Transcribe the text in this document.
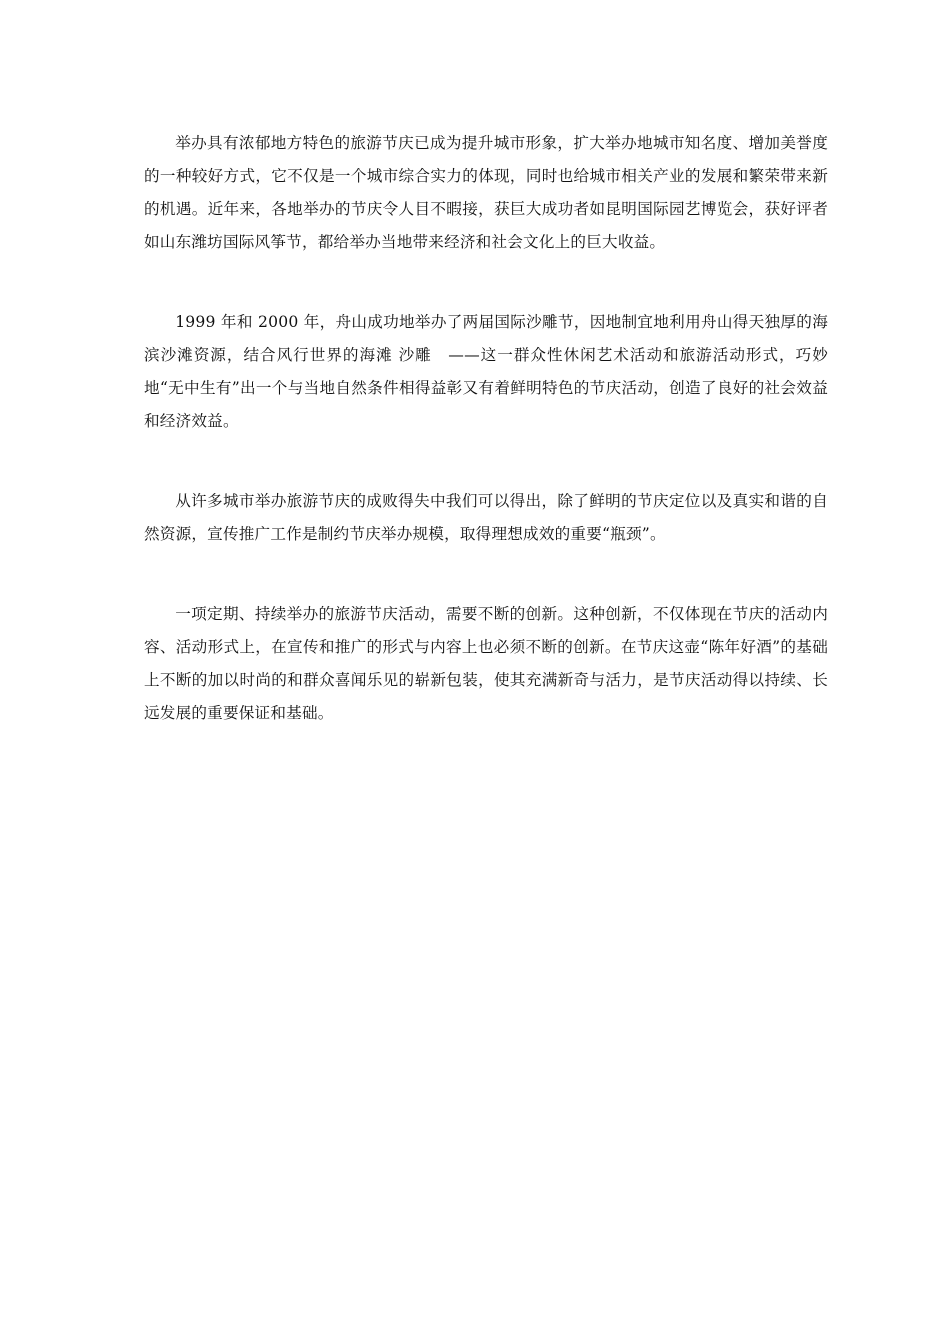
举办具有浓郁地方特色的旅游节庆已成为提升城市形象，扩大举办地城市知名度、增加美誉度的一种较好方式，它不仅是一个城市综合实力的体现，同时也给城市相关产业的发展和繁荣带来新的机遇。近年来，各地举办的节庆令人目不暇接，获巨大成功者如昆明国际园艺博览会，获好评者如山东潍坊国际风筝节，都给举办当地带来经济和社会文化上的巨大收益。

1999 年和 2000 年，舟山成功地举办了两届国际沙雕节，因地制宜地利用舟山得天独厚的海滨沙滩资源，结合风行世界的海滩 沙雕　——这一群众性休闲艺术活动和旅游活动形式，巧妙地“无中生有”出一个与当地自然条件相得益彰又有着鲜明特色的节庆活动，创造了良好的社会效益和经济效益。

从许多城市举办旅游节庆的成败得失中我们可以得出，除了鲜明的节庆定位以及真实和谐的自然资源，宣传推广工作是制约节庆举办规模，取得理想成效的重要“瓶颈”。

一项定期、持续举办的旅游节庆活动，需要不断的创新。这种创新，不仅体现在节庆的活动内容、活动形式上，在宣传和推广的形式与内容上也必须不断的创新。在节庆这壶“陈年好酒”的基础上不断的加以时尚的和群众喜闻乐见的崭新包装，使其充满新奇与活力，是节庆活动得以持续、长远发展的重要保证和基础。
